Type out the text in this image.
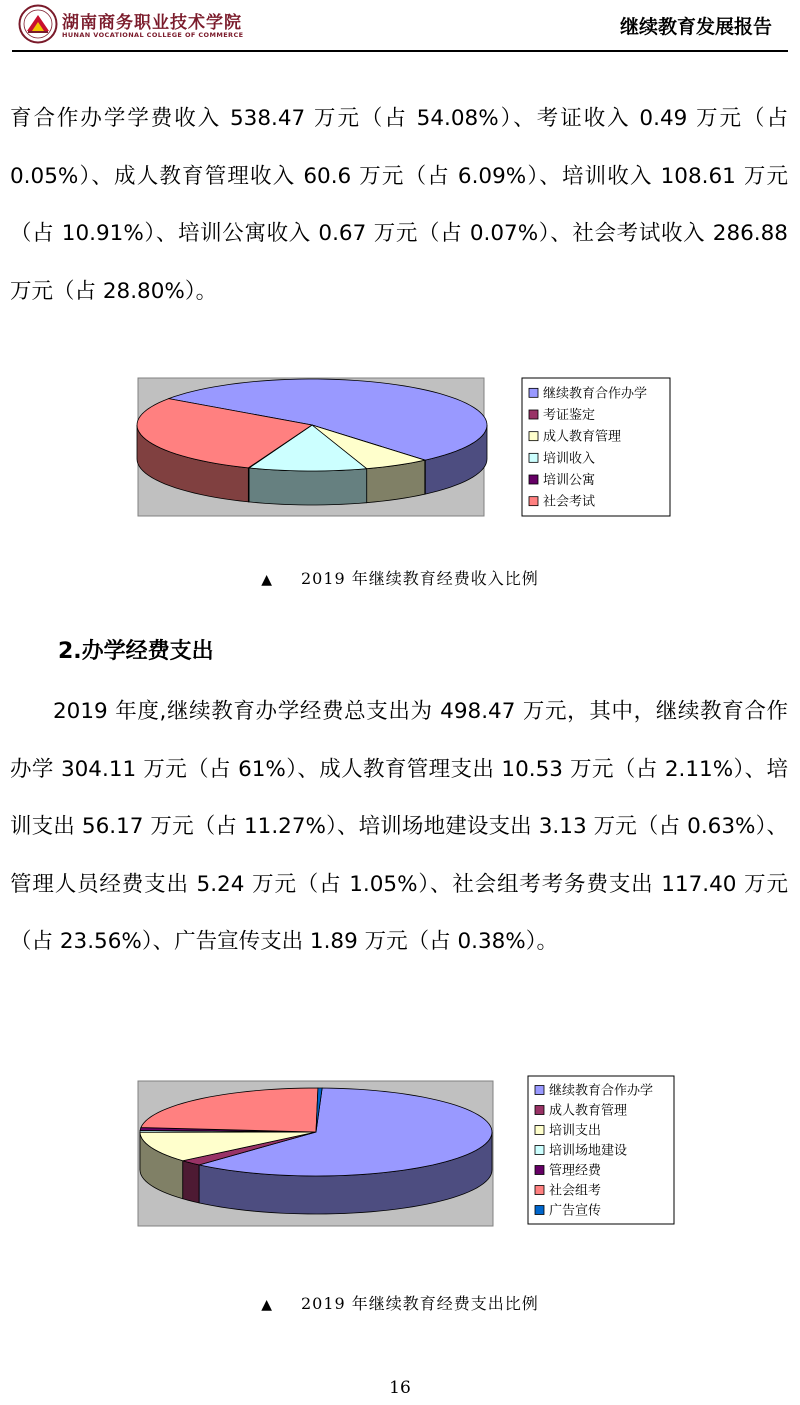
湖南商务职业技术学院
HUNAN VOCATIONAL COLLEGE OF COMMERCE	继续教育发展报告

育合作办学学费收入 538.47 万元（占 54.08%）、考证收入 0.49 万元（占 0.05%）、成人教育管理收入 60.6 万元（占 6.09%）、培训收入 108.61 万元（占 10.91%）、培训公寓收入 0.67 万元（占 0.07%）、社会考试收入 286.88 万元（占 28.80%）。

继续教育合作办学
考证鉴定
成人教育管理
培训收入
培训公寓
社会考试
▲ 2019 年继续教育经费收入比例
2.办学经费支出

2019 年度,继续教育办学经费总支出为 498.47 万元，其中，继续教育合作办学 304.11 万元（占 61%）、成人教育管理支出 10.53 万元（占 2.11%）、培训支出 56.17 万元（占 11.27%）、培训场地建设支出 3.13 万元（占 0.63%）、管理人员经费支出 5.24 万元（占 1.05%）、社会组考考务费支出 117.40 万元（占 23.56%）、广告宣传支出 1.89 万元（占 0.38%）。

继续教育合作办学
成人教育管理
培训支出
培训场地建设
管理经费
社会组考
广告宣传
▲ 2019 年继续教育经费支出比例
16
